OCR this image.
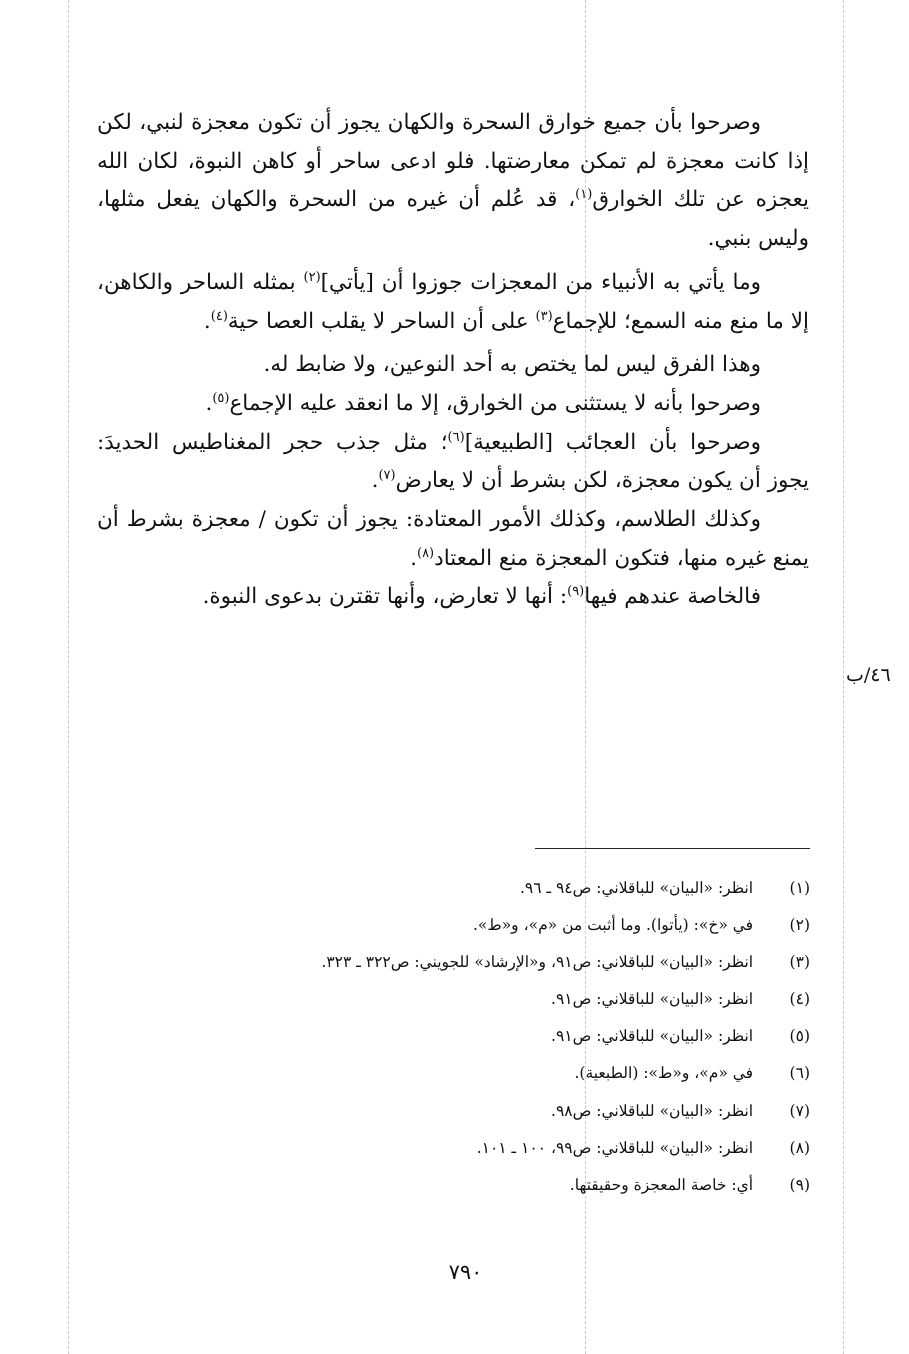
وصرحوا بأن جميع خوارق السحرة والكهان يجوز أن تكون معجزة لنبي، لكن إذا كانت معجزة لم تمكن معارضتها. فلو ادعى ساحر أو كاهن النبوة، لكان الله يعجزه عن تلك الخوارق$^{(١)}$، قد عُلم أن غيره من السحرة والكهان يفعل مثلها، وليس بنبي.

وما يأتي به الأنبياء من المعجزات جوزوا أن [يأتي]$^{(٢)}$ بمثله الساحر والكاهن، إلا ما منع منه السمع؛ للإجماع$^{(٣)}$ على أن الساحر لا يقلب العصا حية$^{(٤)}$.

وهذا الفرق ليس لما يختص به أحد النوعين، ولا ضابط له.

وصرحوا بأنه لا يستثنى من الخوارق، إلا ما انعقد عليه الإجماع$^{(٥)}$.

وصرحوا بأن العجائب [الطبيعية]$^{(٦)}$؛ مثل جذب حجر المغناطيس الحديدَ: يجوز أن يكون معجزة، لكن بشرط أن لا يعارض$^{(٧)}$.

وكذلك الطلاسم، وكذلك الأمور المعتادة: يجوز أن تكون / معجزة بشرط أن يمنع غيره منها، فتكون المعجزة منع المعتاد$^{(٨)}$.

فالخاصة عندهم فيها$^{(٩)}$: أنها لا تعارض، وأنها تقترن بدعوى النبوة.

٤٦/ب
(١) انظر: «البيان» للباقلاني: ص٩٤ ـ ٩٦.
(٢) في «خ»: (يأتوا). وما أثبت من «م»، و«ط».
(٣) انظر: «البيان» للباقلاني: ص٩١، و«الإرشاد» للجويني: ص٣٢٢ ـ ٣٢٣.
(٤) انظر: «البيان» للباقلاني: ص٩١.
(٥) انظر: «البيان» للباقلاني: ص٩١.
(٦) في «م»، و«ط»: (الطبعية).
(٧) انظر: «البيان» للباقلاني: ص٩٨.
(٨) انظر: «البيان» للباقلاني: ص٩٩، ١٠٠ ـ ١٠١.
(٩) أي: خاصة المعجزة وحقيقتها.
٧٩٠
